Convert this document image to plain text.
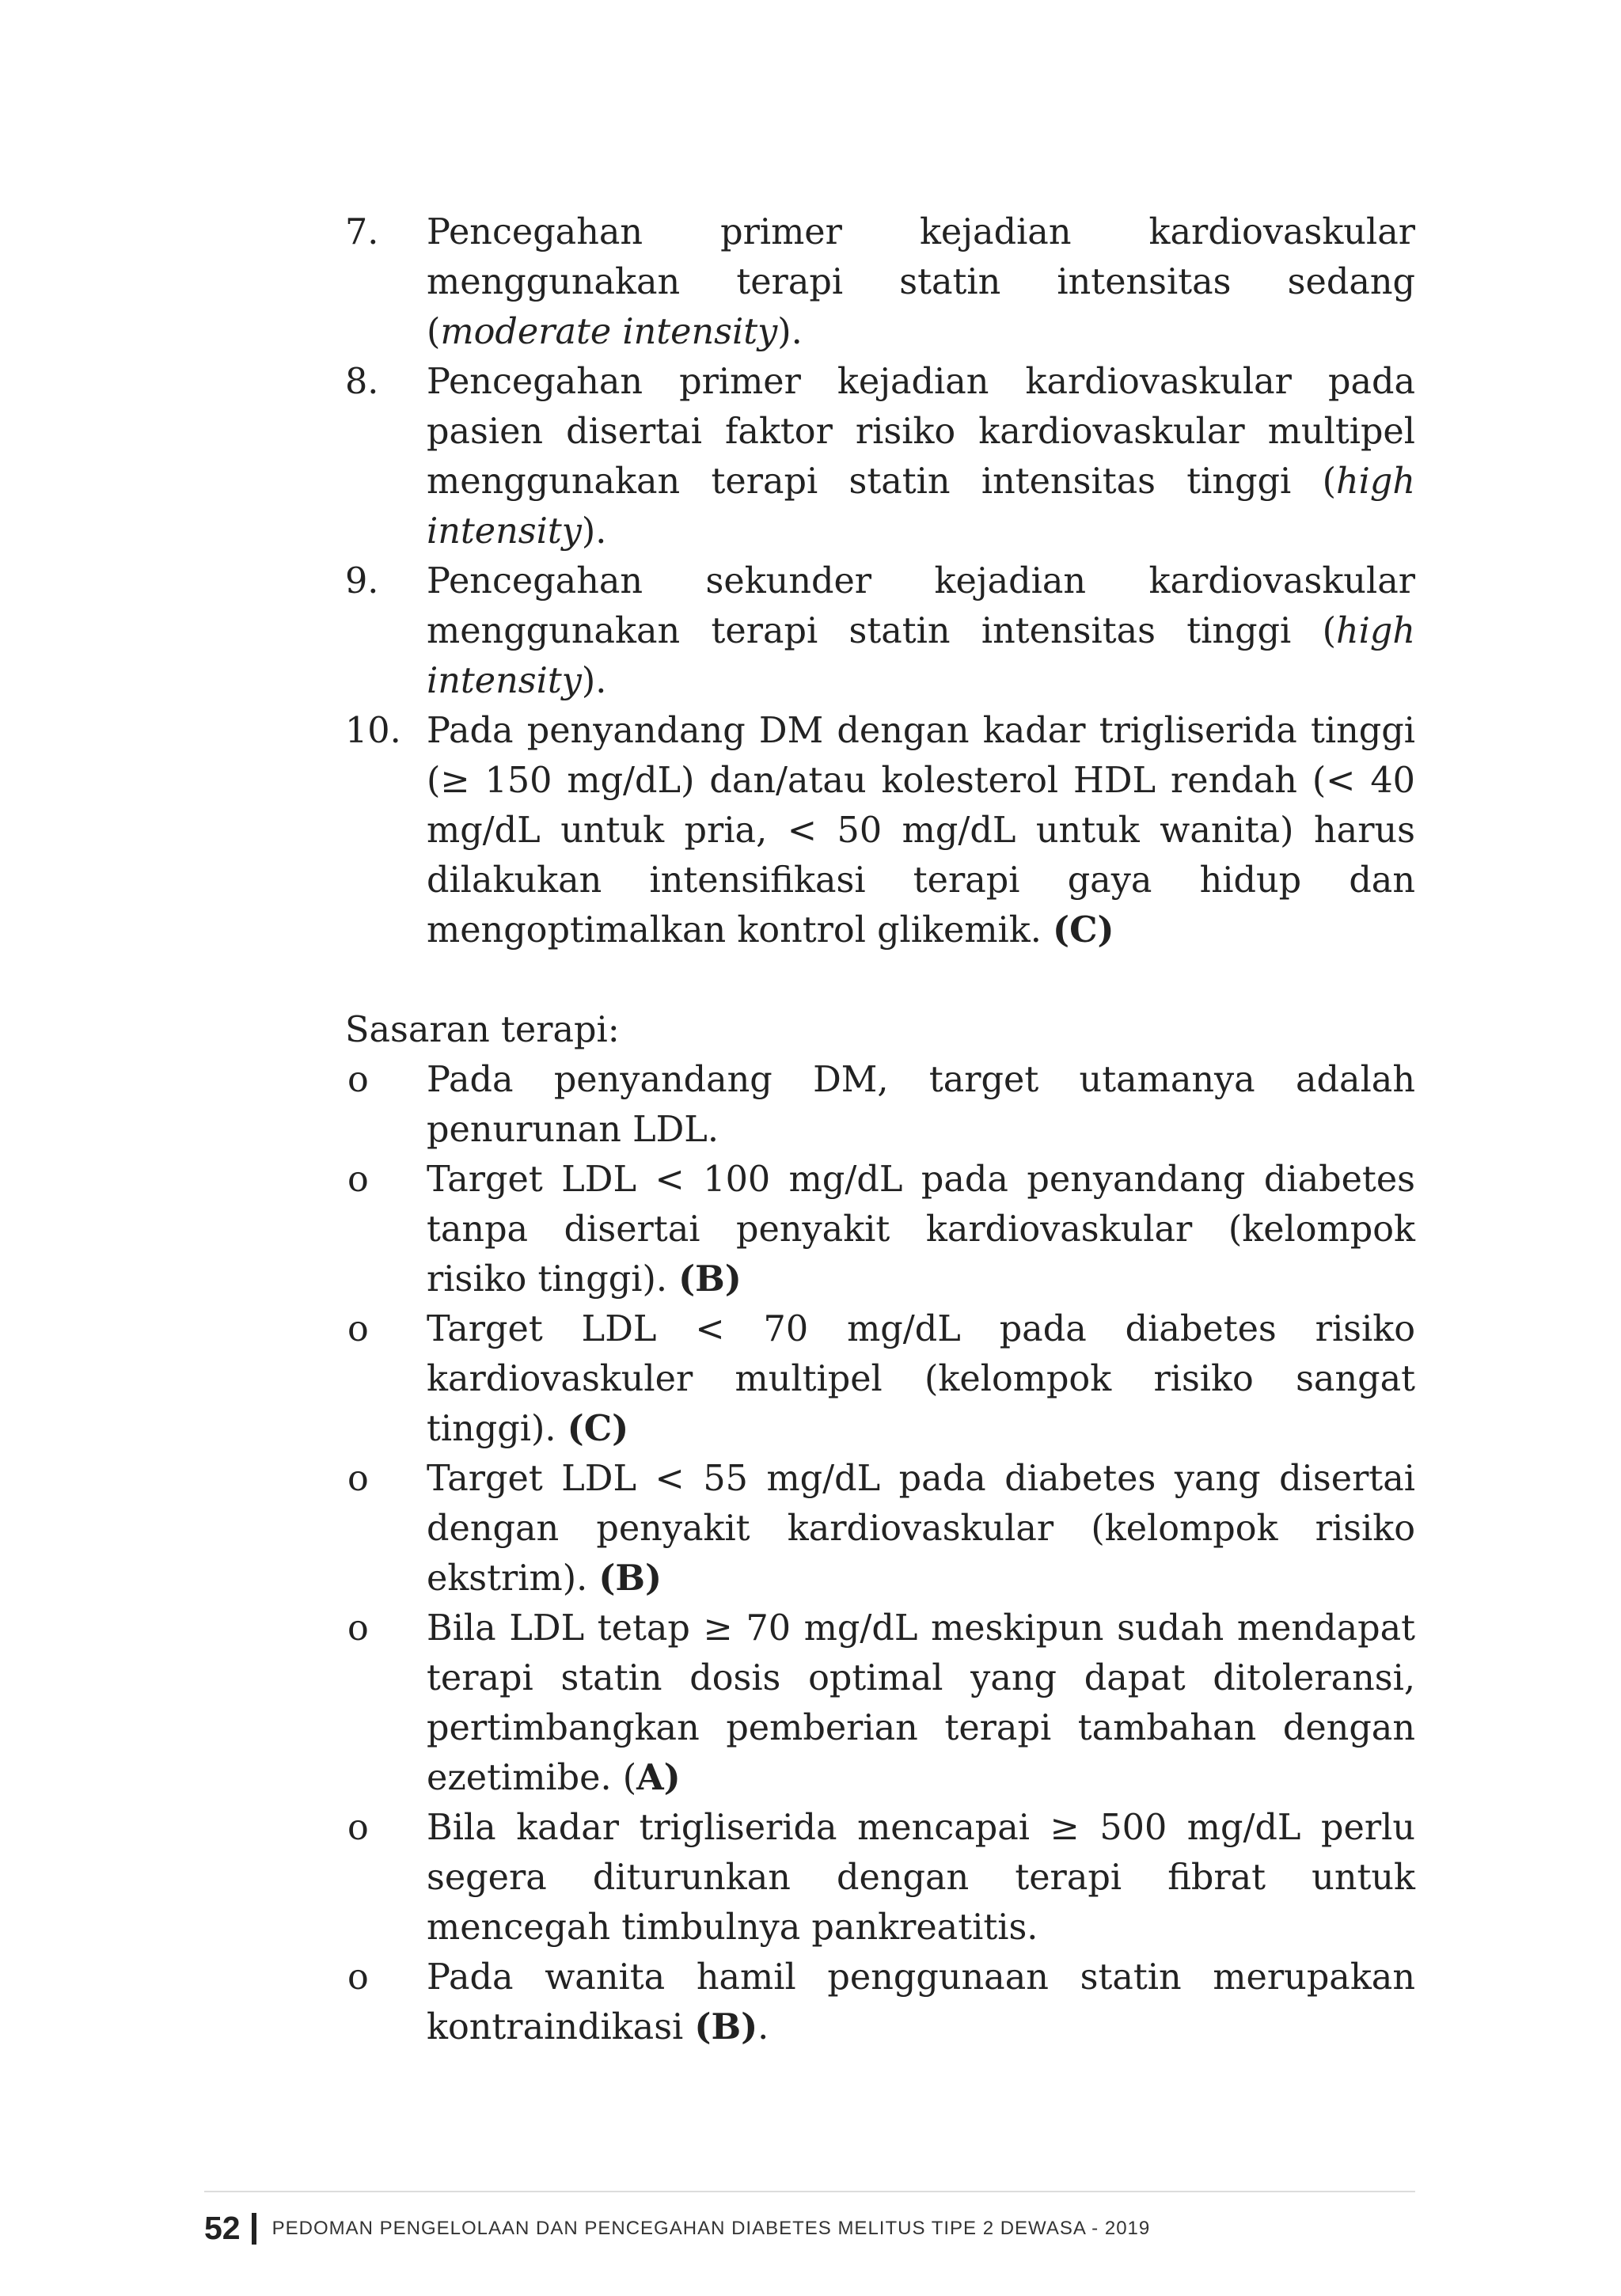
7. Pencegahan primer kejadian kardiovaskular menggunakan terapi statin intensitas sedang (moderate intensity).
8. Pencegahan primer kejadian kardiovaskular pada pasien disertai faktor risiko kardiovaskular multipel menggunakan terapi statin intensitas tinggi (high intensity).
9. Pencegahan sekunder kejadian kardiovaskular menggunakan terapi statin intensitas tinggi (high intensity).
10. Pada penyandang DM dengan kadar trigliserida tinggi (≥ 150 mg/dL) dan/atau kolesterol HDL rendah (< 40 mg/dL untuk pria, < 50 mg/dL untuk wanita) harus dilakukan intensifikasi terapi gaya hidup dan mengoptimalkan kontrol glikemik. (C)

Sasaran terapi:

o Pada penyandang DM, target utamanya adalah penurunan LDL.
o Target LDL < 100 mg/dL pada penyandang diabetes tanpa disertai penyakit kardiovaskular (kelompok risiko tinggi). (B)
o Target LDL < 70 mg/dL pada diabetes risiko kardiovaskuler multipel (kelompok risiko sangat tinggi). (C)
o Target LDL < 55 mg/dL pada diabetes yang disertai dengan penyakit kardiovaskular (kelompok risiko ekstrim). (B)
o Bila LDL tetap ≥ 70 mg/dL meskipun sudah mendapat terapi statin dosis optimal yang dapat ditoleransi, pertimbangkan pemberian terapi tambahan dengan ezetimibe. (A)
o Bila kadar trigliserida mencapai ≥ 500 mg/dL perlu segera diturunkan dengan terapi fibrat untuk mencegah timbulnya pankreatitis.
o Pada wanita hamil penggunaan statin merupakan kontraindikasi (B).
52 PEDOMAN PENGELOLAAN DAN PENCEGAHAN DIABETES MELITUS TIPE 2 DEWASA - 2019
